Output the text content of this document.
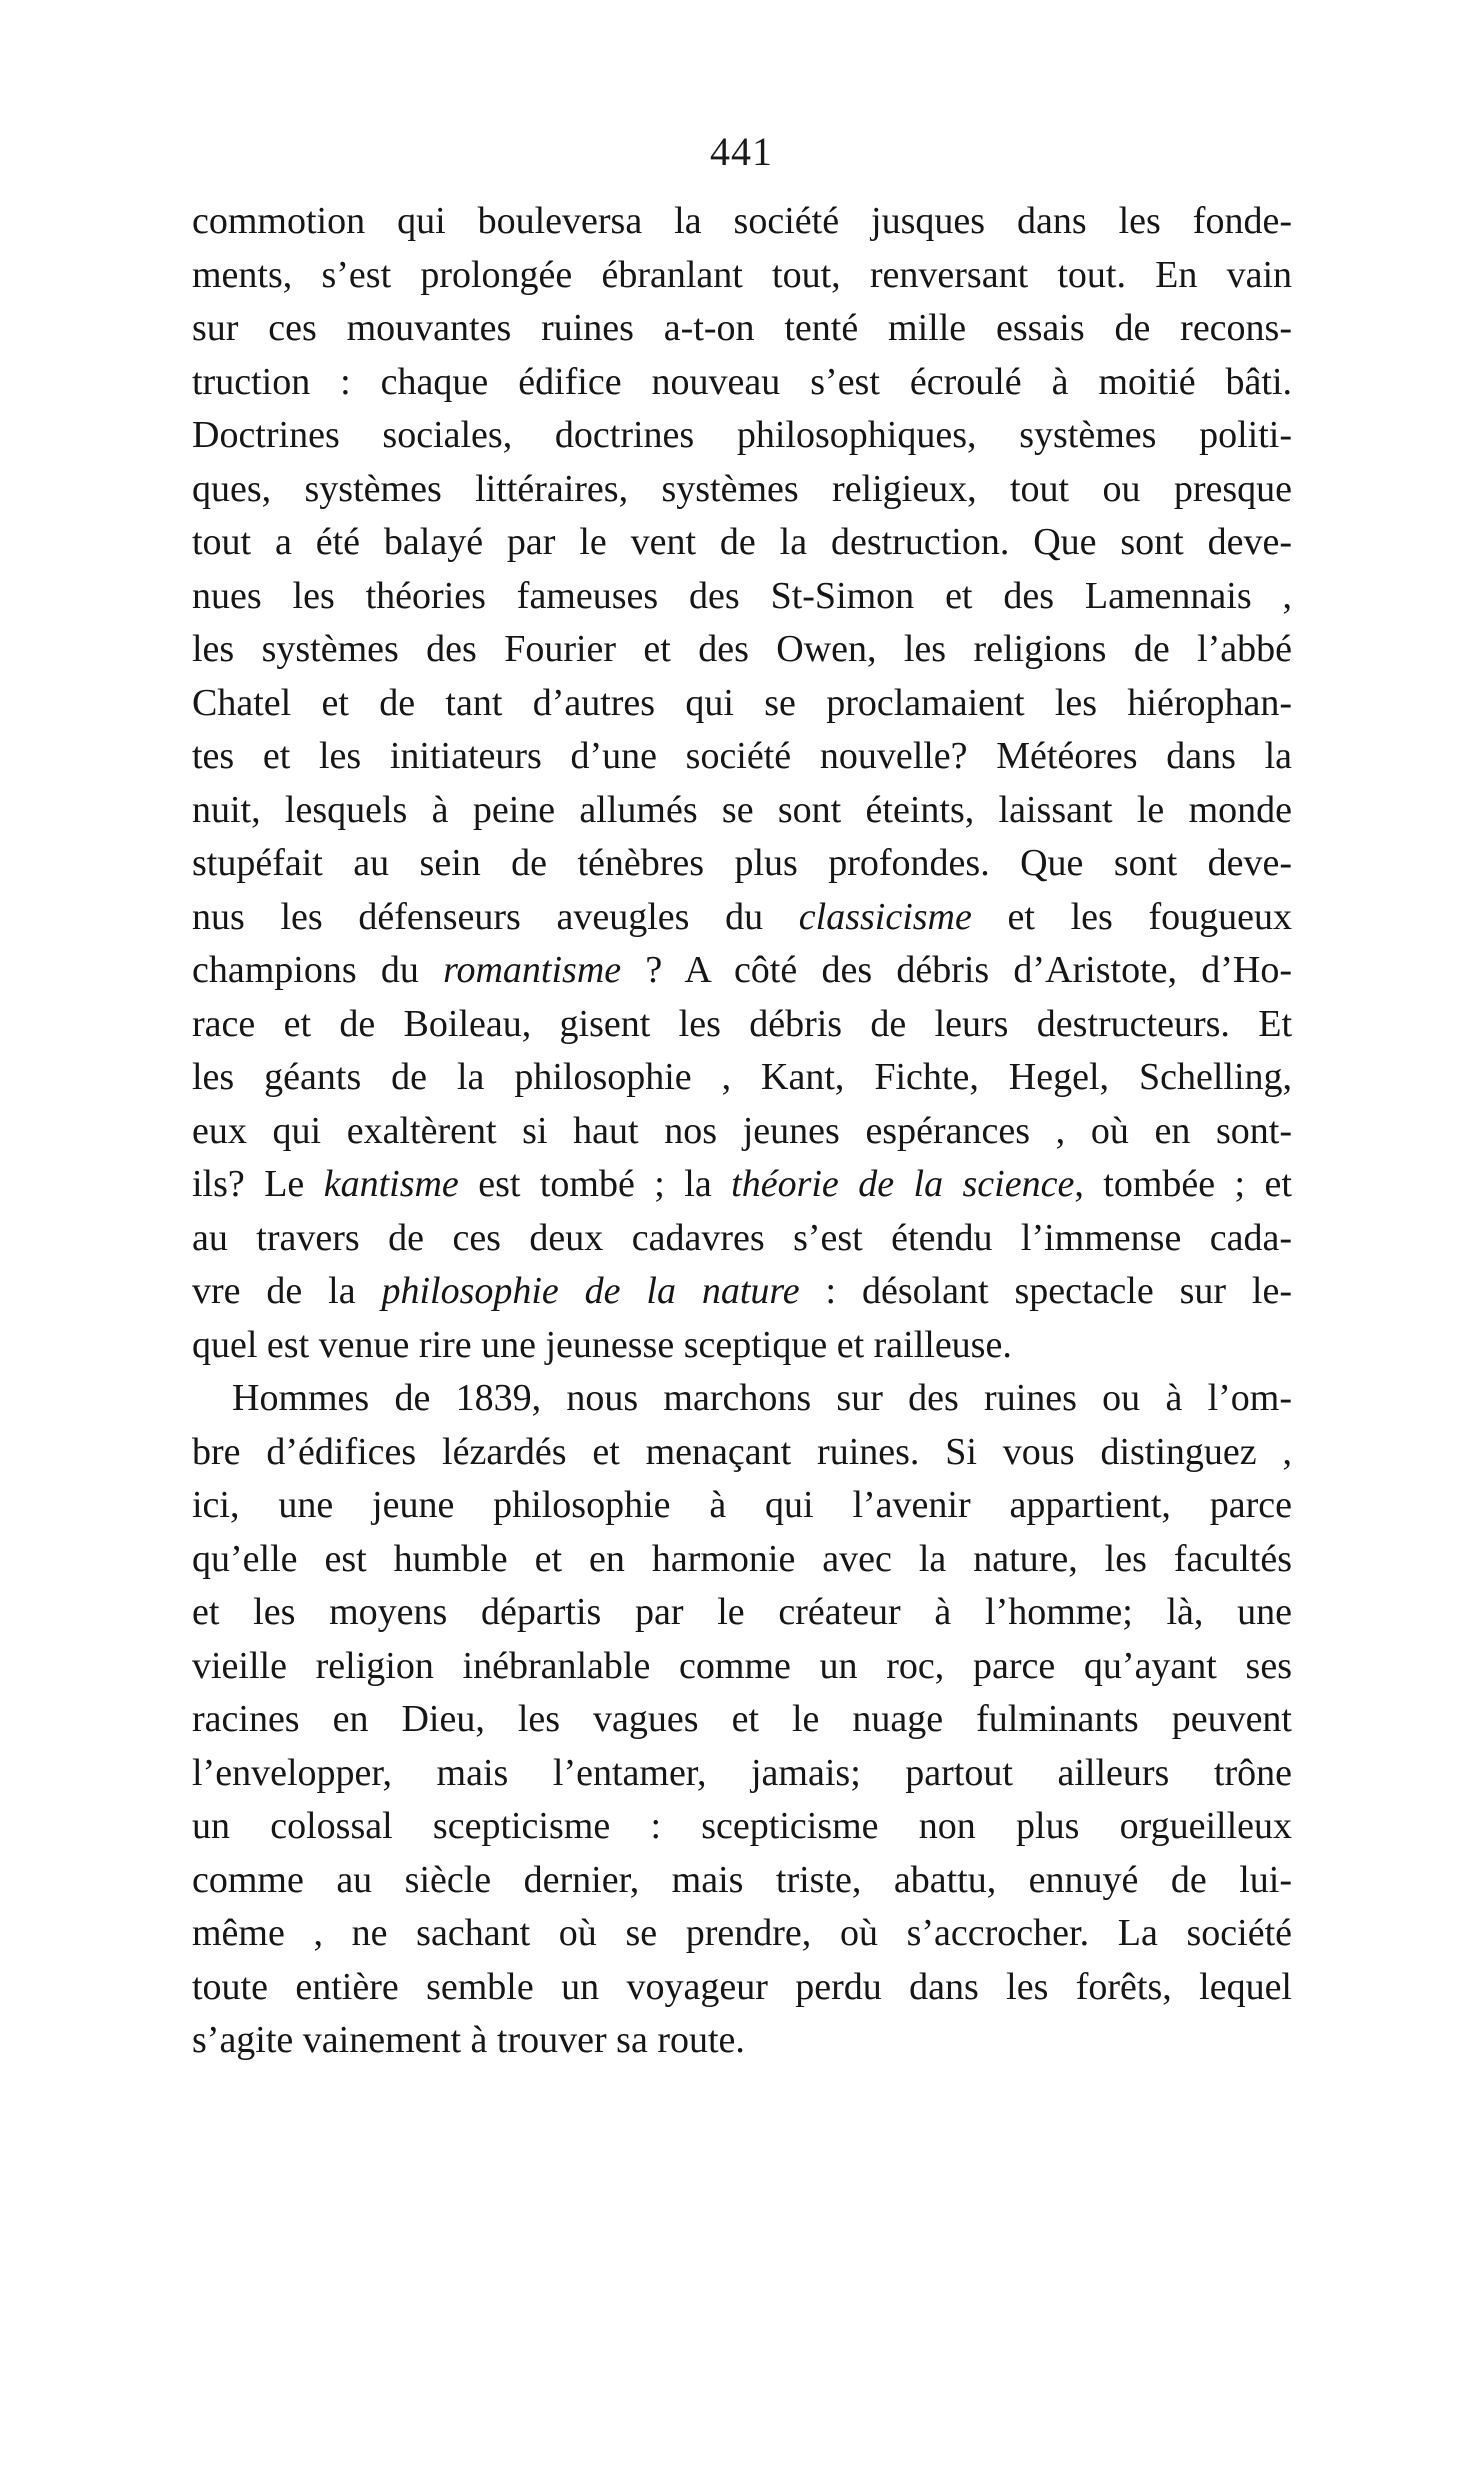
441
commotion qui bouleversa la société jusques dans les fonde-
ments, s’est prolongée ébranlant tout, renversant tout. En vain
sur ces mouvantes ruines a-t-on tenté mille essais de recons-
truction : chaque édifice nouveau s’est écroulé à moitié bâti.
Doctrines sociales, doctrines philosophiques, systèmes politi-
ques, systèmes littéraires, systèmes religieux, tout ou presque
tout a été balayé par le vent de la destruction. Que sont deve-
nues les théories fameuses des St-Simon et des Lamennais ,
les systèmes des Fourier et des Owen, les religions de l’abbé
Chatel et de tant d’autres qui se proclamaient les hiérophan-
tes et les initiateurs d’une société nouvelle? Météores dans la
nuit, lesquels à peine allumés se sont éteints, laissant le monde
stupéfait au sein de ténèbres plus profondes. Que sont deve-
nus les défenseurs aveugles du classicisme et les fougueux
champions du romantisme ? A côté des débris d’Aristote, d’Ho-
race et de Boileau, gisent les débris de leurs destructeurs. Et
les géants de la philosophie , Kant, Fichte, Hegel, Schelling,
eux qui exaltèrent si haut nos jeunes espérances , où en sont-
ils? Le kantisme est tombé ; la théorie de la science, tombée ; et
au travers de ces deux cadavres s’est étendu l’immense cada-
vre de la philosophie de la nature : désolant spectacle sur le-
quel est venue rire une jeunesse sceptique et railleuse.
Hommes de 1839, nous marchons sur des ruines ou à l’om-
bre d’édifices lézardés et menaçant ruines. Si vous distinguez ,
ici, une jeune philosophie à qui l’avenir appartient, parce
qu’elle est humble et en harmonie avec la nature, les facultés
et les moyens départis par le créateur à l’homme; là, une
vieille religion inébranlable comme un roc, parce qu’ayant ses
racines en Dieu, les vagues et le nuage fulminants peuvent
l’envelopper, mais l’entamer, jamais; partout ailleurs trône
un colossal scepticisme : scepticisme non plus orgueilleux
comme au siècle dernier, mais triste, abattu, ennuyé de lui-
même , ne sachant où se prendre, où s’accrocher. La société
toute entière semble un voyageur perdu dans les forêts, lequel
s’agite vainement à trouver sa route.
